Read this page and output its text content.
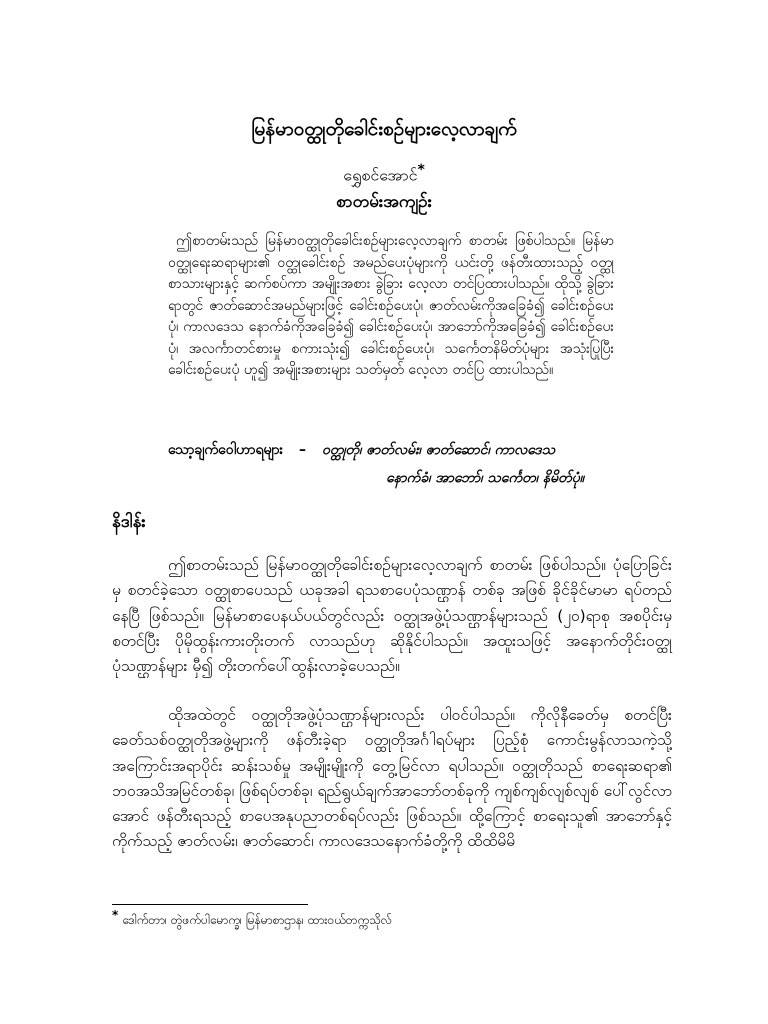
မြန်မာဝတ္ထုတိုခေါင်းစဉ်များလေ့လာချက်
ရွှေစင်အောင်*
စာတမ်းအကျဉ်း
ဤစာတမ်းသည် မြန်မာဝတ္ထုတိုခေါင်းစဉ်များလေ့လာချက် စာတမ်း ဖြစ်ပါသည်။ မြန်မာဝတ္ထုရေးဆရာများ၏ ဝတ္ထုခေါင်းစဉ် အမည်ပေးပုံများကို ယင်းတို့ ဖန်တီးထားသည့် ဝတ္ထုစာသားများနှင့် ဆက်စပ်ကာ အမျိုးအစား ခွဲခြား လေ့လာ တင်ပြထားပါသည်။ ထိုသို့ ခွဲခြားရာတွင် ဇာတ်ဆောင်အမည်များဖြင့် ခေါင်းစဉ်ပေးပုံ၊ ဇာတ်လမ်းကိုအခြေခံ၍ ခေါင်းစဉ်ပေးပုံ၊ ကာလဒေသ နောက်ခံကိုအခြေခံ၍ ခေါင်းစဉ်ပေးပုံ၊ အာဘော်ကိုအခြေခံ၍ ခေါင်းစဉ်ပေးပုံ၊ အလင်္ကာတင်စားမှု စကားသုံး၍ ခေါင်းစဉ်ပေးပုံ၊ သင်္ကေတနိမိတ်ပုံများ အသုံးပြုပြီး ခေါင်းစဉ်ပေးပုံ ဟူ၍ အမျိုးအစားများ သတ်မှတ် လေ့လာ တင်ပြ ထားပါသည်။
သော့ချက်ဝေါဟာရများ – ဝတ္ထုတို၊ ဇာတ်လမ်း၊ ဇာတ်ဆောင်၊ ကာလဒေသ
နောက်ခံ၊ အာဘော်၊ သင်္ကေတ၊ နိမိတ်ပုံ။
နိဒါန်း
ဤစာတမ်းသည် မြန်မာဝတ္ထုတိုခေါင်းစဉ်များလေ့လာချက် စာတမ်း ဖြစ်ပါသည်။ ပုံပြောခြင်းမှ စတင်ခဲ့သော ဝတ္ထုစာပေသည် ယခုအခါ ရသစာပေပုံသဏ္ဌာန် တစ်ခု အဖြစ် ခိုင်ခိုင်မာမာ ရပ်တည်နေပြီ ဖြစ်သည်။ မြန်မာစာပေနယ်ပယ်တွင်လည်း ဝတ္ထုအဖွဲ့ပုံသဏ္ဌာန်များသည် (၂၀)ရာစု အစပိုင်းမှ စတင်ပြီး ပိုမိုထွန်းကားတိုးတက် လာသည်ဟု ဆိုနိုင်ပါသည်။ အထူးသဖြင့် အနောက်တိုင်းဝတ္ထုပုံသဏ္ဌာန်များ မှီ၍ တိုးတက်ပေါ်ထွန်းလာခဲ့ပေသည်။
ထိုအထဲတွင် ဝတ္ထုတိုအဖွဲ့ပုံသဏ္ဌာန်များလည်း ပါဝင်ပါသည်။ ကိုလိုနီခေတ်မှ စတင်ပြီး ခေတ်သစ်ဝတ္ထုတိုအဖွဲ့များကို ဖန်တီးခဲ့ရာ ဝတ္ထုတိုအင်္ဂါရပ်များ ပြည့်စုံ ကောင်းမွန်လာသကဲ့သို့ အကြောင်းအရာပိုင်း ဆန်းသစ်မှု အမျိုးမျိုးကို တွေ့မြင်လာ ရပါသည်။ ဝတ္ထုတိုသည် စာရေးဆရာ၏ ဘဝအသိအမြင်တစ်ခု၊ ဖြစ်ရပ်တစ်ခု၊ ရည်ရွယ်ချက်အာဘော်တစ်ခုကို ကျစ်ကျစ်လျစ်လျစ် ပေါ်လွင်လာအောင် ဖန်တီးရသည့် စာပေအနုပညာတစ်ရပ်လည်း ဖြစ်သည်။ ထို့ကြောင့် စာရေးသူ၏ အာဘော်နှင့် ကိုက်သည့် ဇာတ်လမ်း၊ ဇာတ်ဆောင်၊ ကာလဒေသနောက်ခံတို့ကို ထိထိမိမိ
* ဒေါက်တာ၊ တွဲဖက်ပါမောက္ခ၊ မြန်မာစာဌာန၊ ထားဝယ်တက္ကသိုလ်
